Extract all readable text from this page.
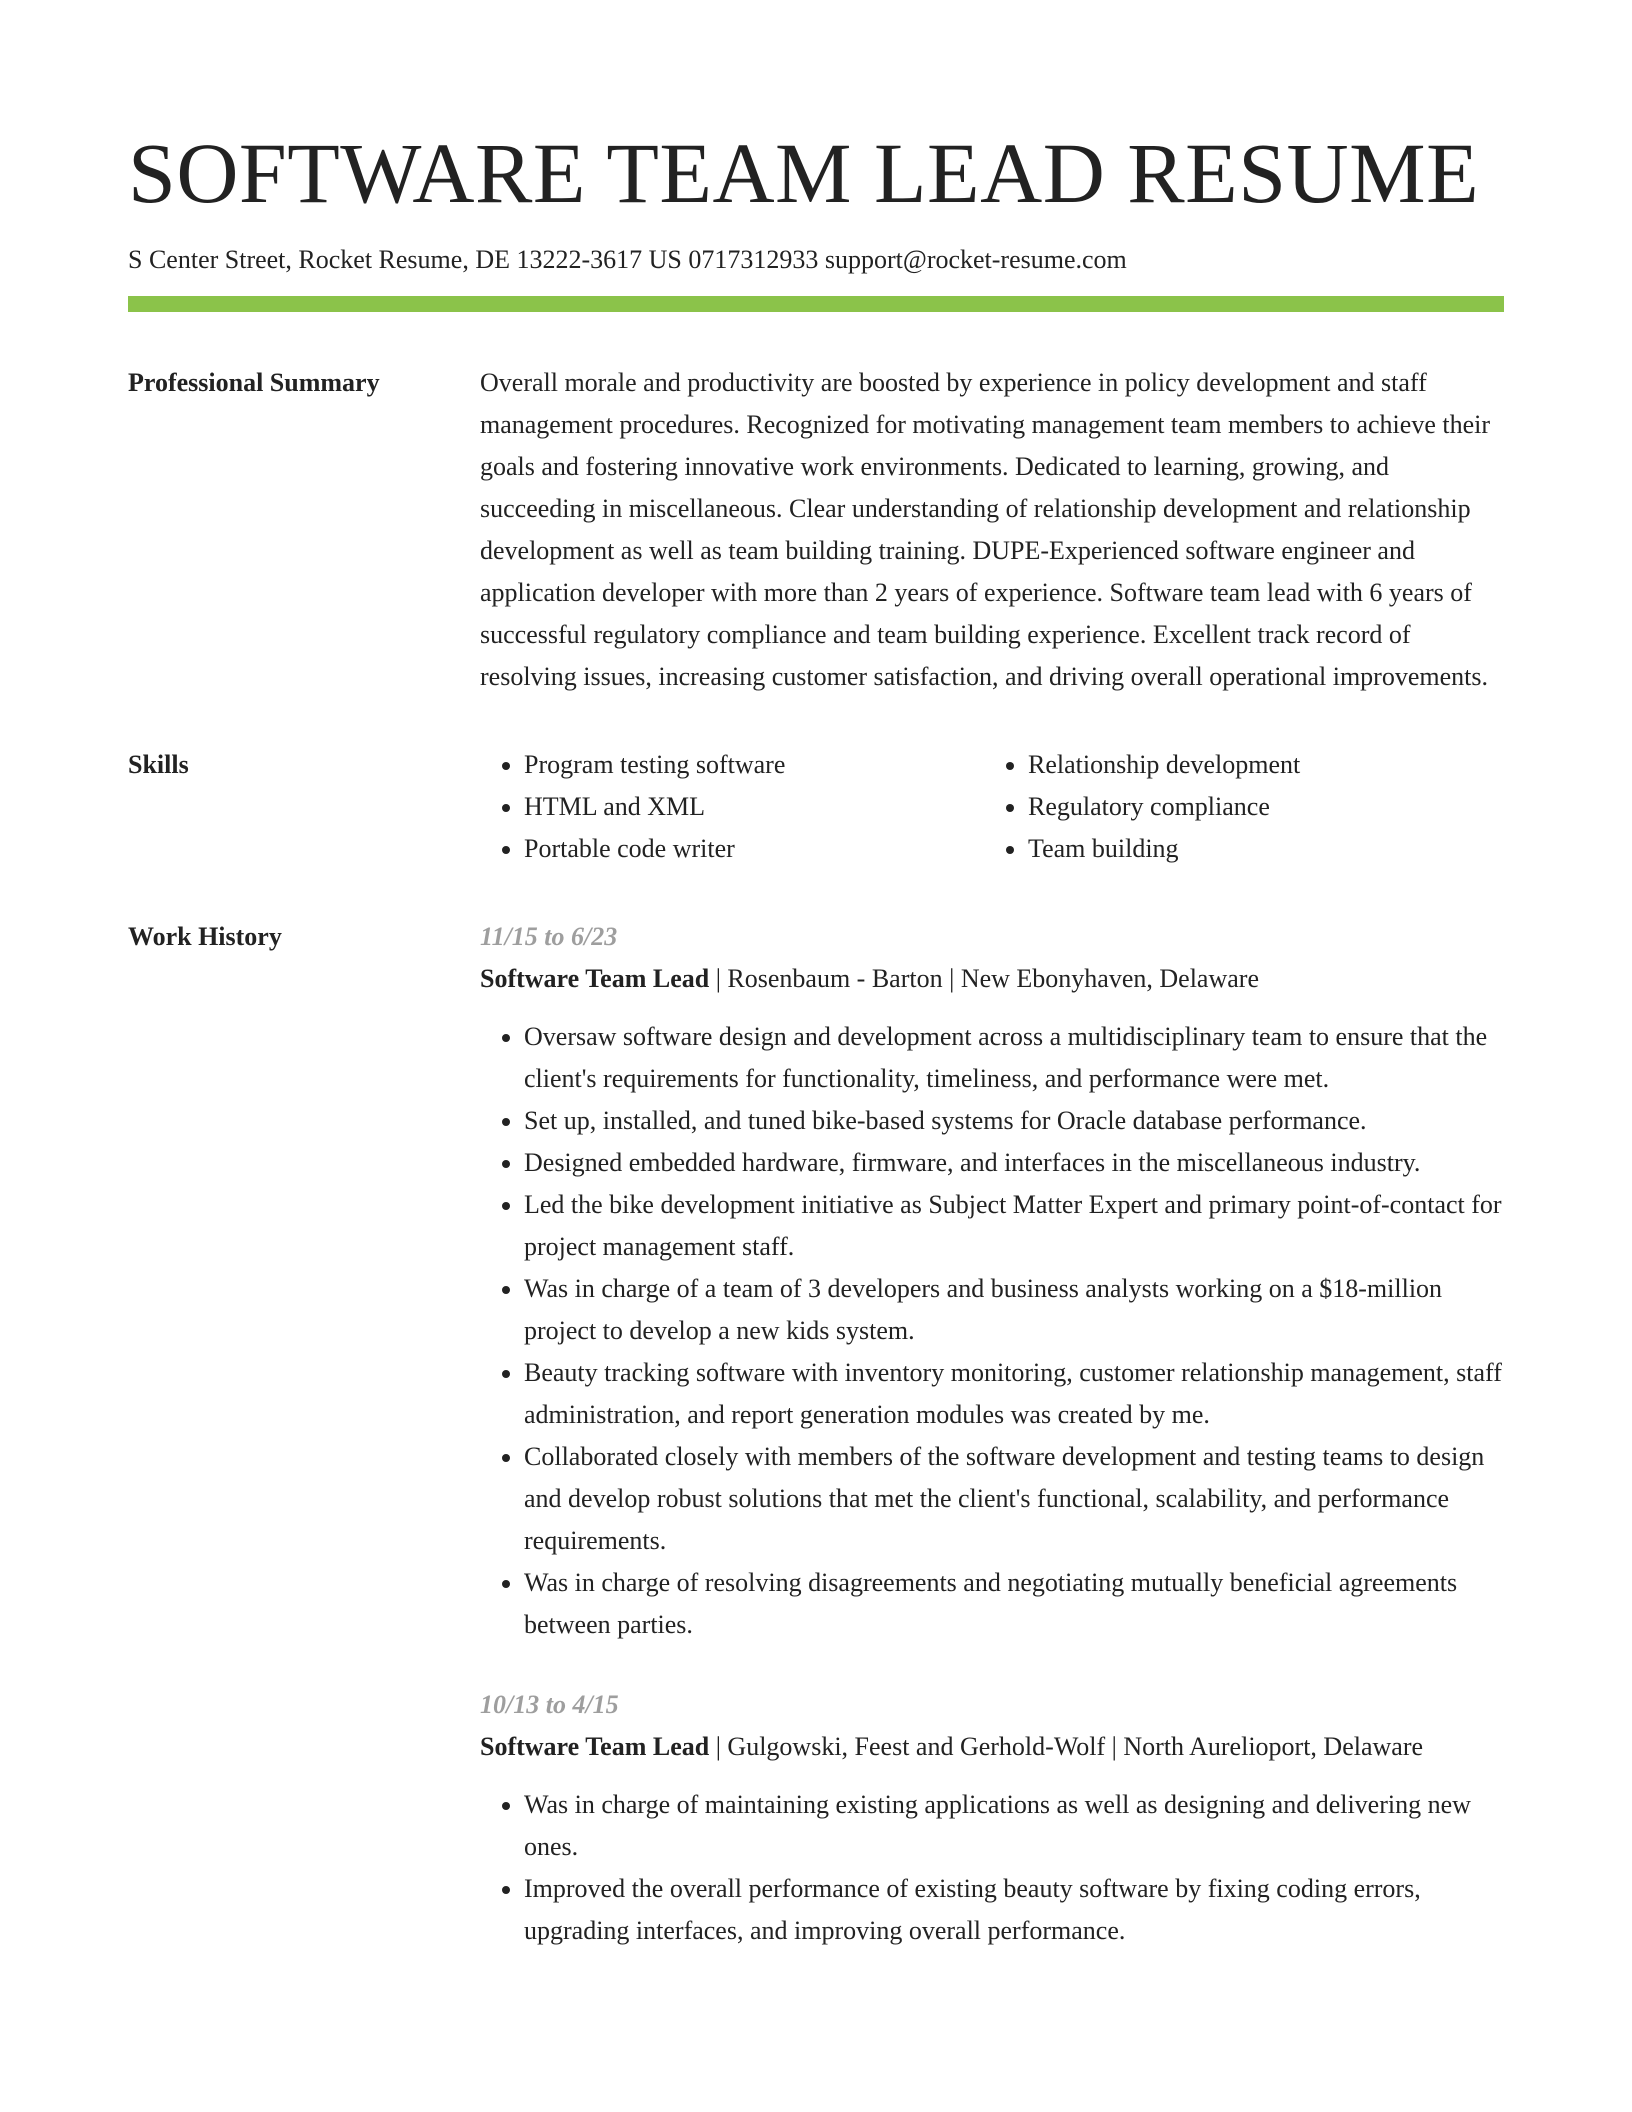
SOFTWARE TEAM LEAD RESUME
S Center Street, Rocket Resume, DE 13222-3617 US 0717312933 support@rocket-resume.com
Professional Summary	Overall morale and productivity are boosted by experience in policy development and staff management procedures. Recognized for motivating management team members to achieve their goals and fostering innovative work environments. Dedicated to learning, growing, and succeeding in miscellaneous. Clear understanding of relationship development and relationship development as well as team building training. DUPE-Experienced software engineer and application developer with more than 2 years of experience. Software team lead with 6 years of successful regulatory compliance and team building experience. Excellent track record of resolving issues, increasing customer satisfaction, and driving overall operational improvements.

Skills
•	Program testing software
• HTML and XML
• Portable code writer
• Relationship development
• Regulatory compliance
• Team building
Work History	11/15 to 6/23
Software Team Lead | Rosenbaum - Barton | New Ebonyhaven, Delaware
• Oversaw software design and development across a multidisciplinary team to ensure that the client's requirements for functionality, timeliness, and performance were met.
• Set up, installed, and tuned bike-based systems for Oracle database performance.
• Designed embedded hardware, firmware, and interfaces in the miscellaneous industry.
• Led the bike development initiative as Subject Matter Expert and primary point-of-contact for project management staff.
• Was in charge of a team of 3 developers and business analysts working on a $18-million project to develop a new kids system.
• Beauty tracking software with inventory monitoring, customer relationship management, staff administration, and report generation modules was created by me.
• Collaborated closely with members of the software development and testing teams to design and develop robust solutions that met the client's functional, scalability, and performance requirements.
• Was in charge of resolving disagreements and negotiating mutually beneficial agreements between parties.
10/13 to 4/15
Software Team Lead | Gulgowski, Feest and Gerhold-Wolf | North Aurelioport, Delaware
• Was in charge of maintaining existing applications as well as designing and delivering new ones.
• Improved the overall performance of existing beauty software by fixing coding errors, upgrading interfaces, and improving overall performance.
